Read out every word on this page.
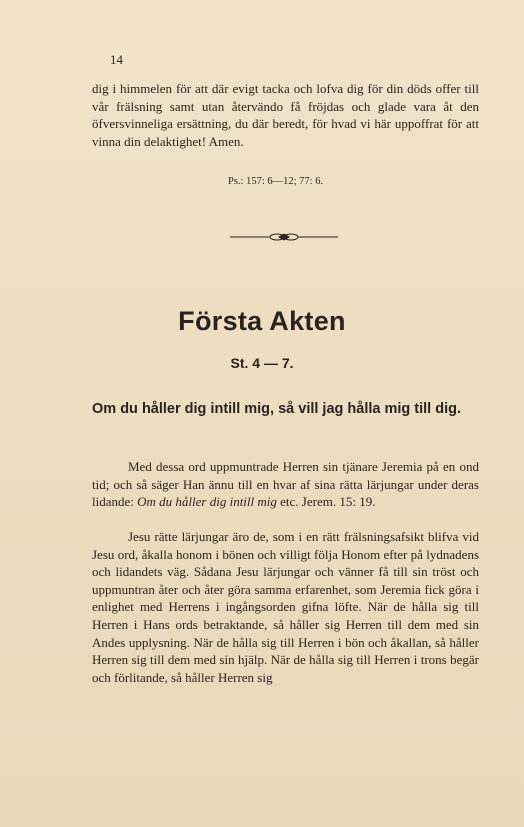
14

dig i himmelen för att där evigt tacka och lofva dig för din döds offer till vår frälsning samt utan återvändo få fröjdas och glade vara åt den öfversvinneliga ersättning, du där beredt, för hvad vi här uppoffrat för att vinna din delaktighet! Amen.

Ps.: 157: 6—12; 77: 6.

Första Akten
St. 4 — 7.
Om du håller dig intill mig, så vill jag hålla mig till dig.

Med dessa ord uppmuntrade Herren sin tjänare Jeremia på en ond tid; och så säger Han ännu till en hvar af sina rätta lärjungar under deras lidande: Om du håller dig intill mig etc. Jerem. 15: 19.

Jesu rätte lärjungar äro de, som i en rätt frälsningsafsikt blifva vid Jesu ord, åkalla honom i bönen och villigt följa Honom efter på lydnadens och lidandets väg. Sådana Jesu lärjungar och vänner få till sin tröst och uppmuntran åter och åter göra samma erfarenhet, som Jeremia fick göra i enlighet med Herrens i ingångsorden gifna löfte. När de hålla sig till Herren i Hans ords betraktande, så håller sig Herren till dem med sin Andes upplysning. När de hålla sig till Herren i bön och åkallan, så håller Herren sig till dem med sin hjälp. När de hålla sig till Herren i trons begär och förlitande, så håller Herren sig
